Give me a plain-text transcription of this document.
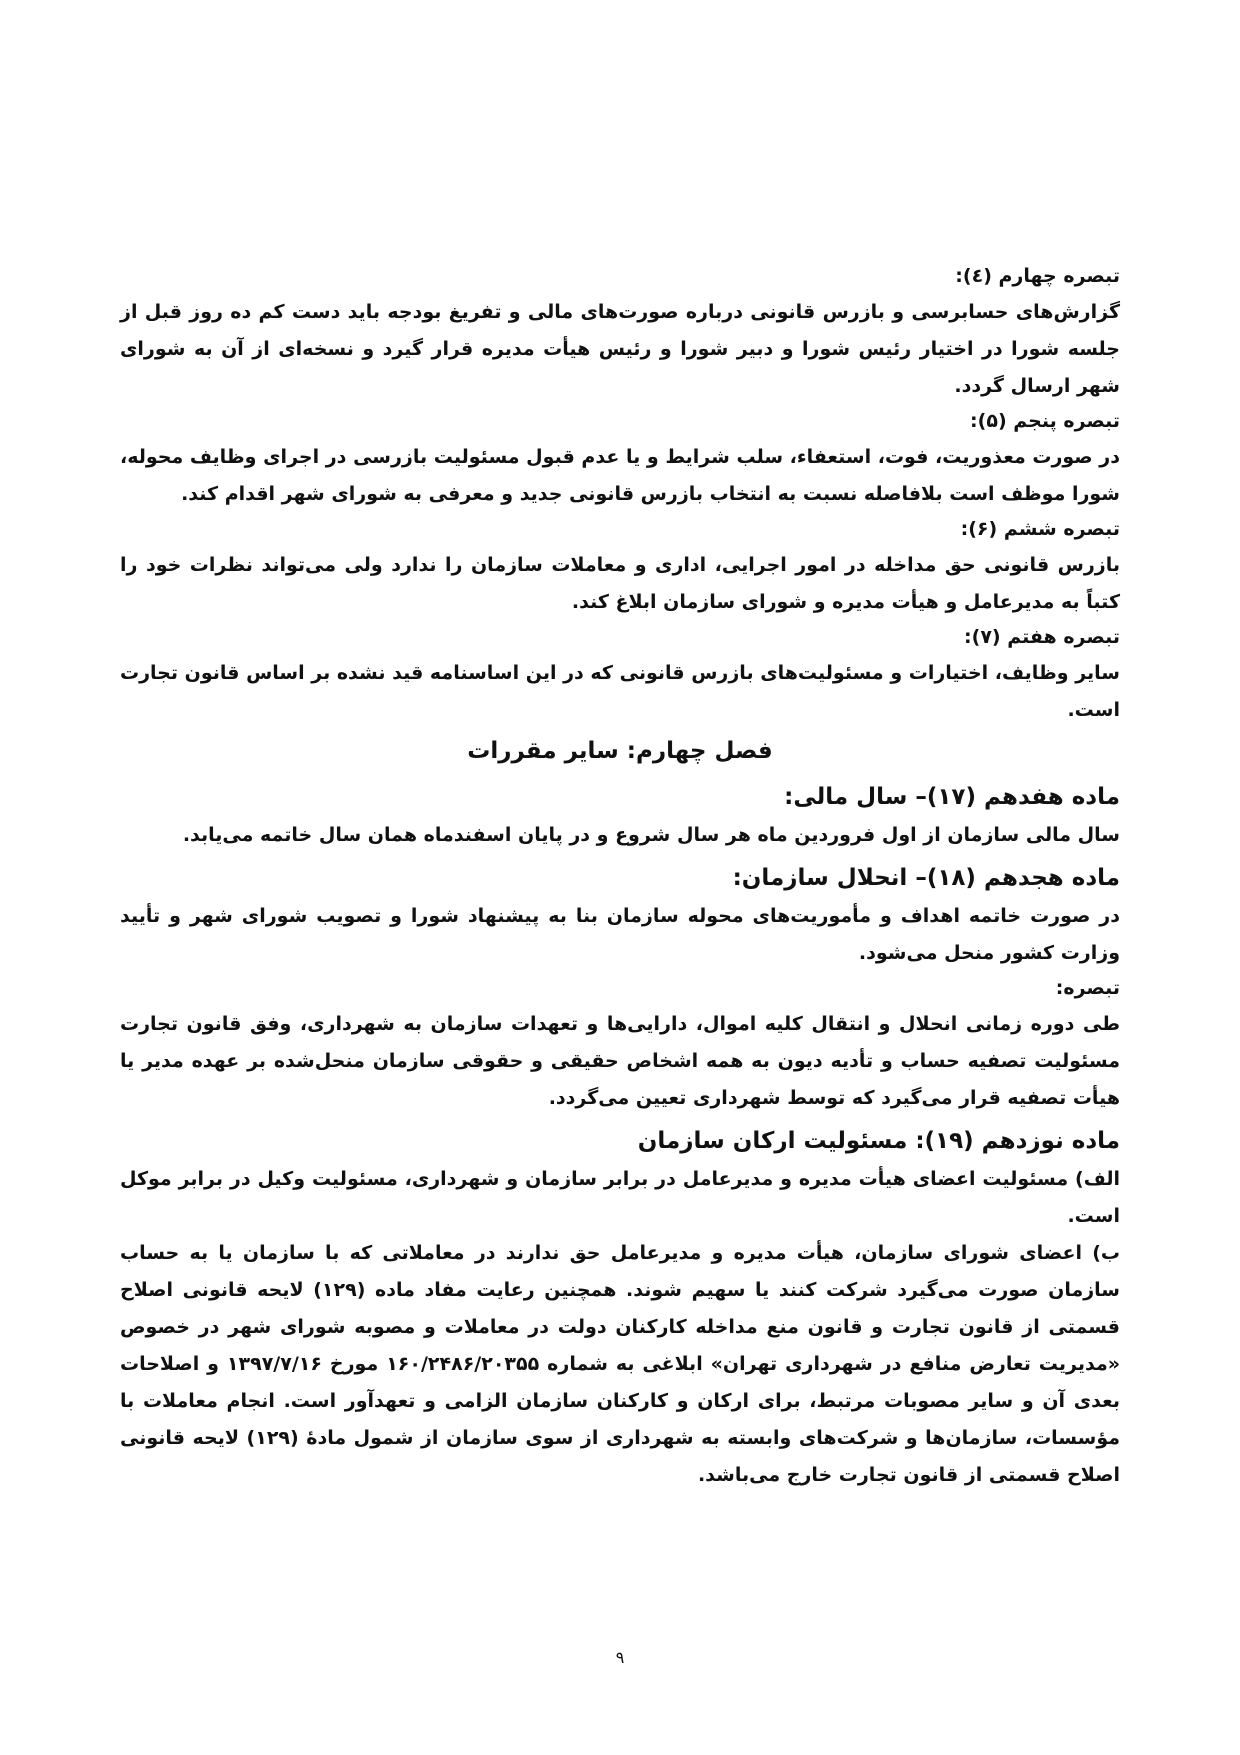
تبصره چهارم (٤):

گزارش‌های حسابرسی و بازرس قانونی درباره صورت‌های مالی و تفریغ بودجه باید دست کم ده روز قبل از جلسه شورا در اختیار رئیس شورا و دبیر شورا و رئیس هیأت مدیره قرار گیرد و نسخه‌ای از آن به شورای شهر ارسال گردد.

تبصره پنجم (۵):

در صورت معذوریت، فوت، استعفاء، سلب شرایط و یا عدم قبول مسئولیت بازرسی در اجرای وظایف محوله، شورا موظف است بلافاصله نسبت به انتخاب بازرس قانونی جدید و معرفی به شورای شهر اقدام کند.

تبصره ششم (۶):

بازرس قانونی حق مداخله در امور اجرایی، اداری و معاملات سازمان را ندارد ولی می‌تواند نظرات خود را کتباً به مدیرعامل و هیأت مدیره و شورای سازمان ابلاغ کند.

تبصره هفتم (۷):

سایر وظایف، اختیارات و مسئولیت‌های بازرس قانونی که در این اساسنامه قید نشده بر اساس قانون تجارت است.

فصل چهارم: سایر مقررات
ماده هفدهم (۱۷)– سال مالی:

سال مالی سازمان از اول فروردین ماه هر سال شروع و در پایان اسفندماه همان سال خاتمه می‌یابد.

ماده هجدهم (۱۸)– انحلال سازمان:

در صورت خاتمه اهداف و مأموریت‌های محوله سازمان بنا به پیشنهاد شورا و تصویب شورای شهر و تأیید وزارت کشور منحل می‌شود.

تبصره:

طی دوره زمانی انحلال و انتقال کلیه اموال، دارایی‌ها و تعهدات سازمان به شهرداری، وفق قانون تجارت مسئولیت تصفیه حساب و تأدیه دیون به همه اشخاص حقیقی و حقوقی سازمان منحل‌شده بر عهده مدیر یا هیأت تصفیه قرار می‌گیرد که توسط شهرداری تعیین می‌گردد.

ماده نوزدهم (۱۹): مسئولیت ارکان سازمان

الف) مسئولیت اعضای هیأت مدیره و مدیرعامل در برابر سازمان و شهرداری، مسئولیت وکیل در برابر موکل است.

ب) اعضای شورای سازمان، هیأت مدیره و مدیرعامل حق ندارند در معاملاتی که با سازمان یا به حساب سازمان صورت می‌گیرد شرکت کنند یا سهیم شوند. همچنین رعایت مفاد ماده (۱۲۹) لایحه قانونی اصلاح قسمتی از قانون تجارت و قانون منع مداخله کارکنان دولت در معاملات و مصوبه شورای شهر در خصوص «مدیریت تعارض منافع در شهرداری تهران» ابلاغی به شماره ۱۶۰/۲۴۸۶/۲۰۳۵۵ مورخ ۱۳۹۷/۷/۱۶ و اصلاحات بعدی آن و سایر مصوبات مرتبط، برای ارکان و کارکنان سازمان الزامی و تعهدآور است. انجام معاملات با مؤسسات، سازمان‌ها و شرکت‌های وابسته به شهرداری از سوی سازمان از شمول مادهٔ (۱۲۹) لایحه قانونی اصلاح قسمتی از قانون تجارت خارج می‌باشد.

۹
